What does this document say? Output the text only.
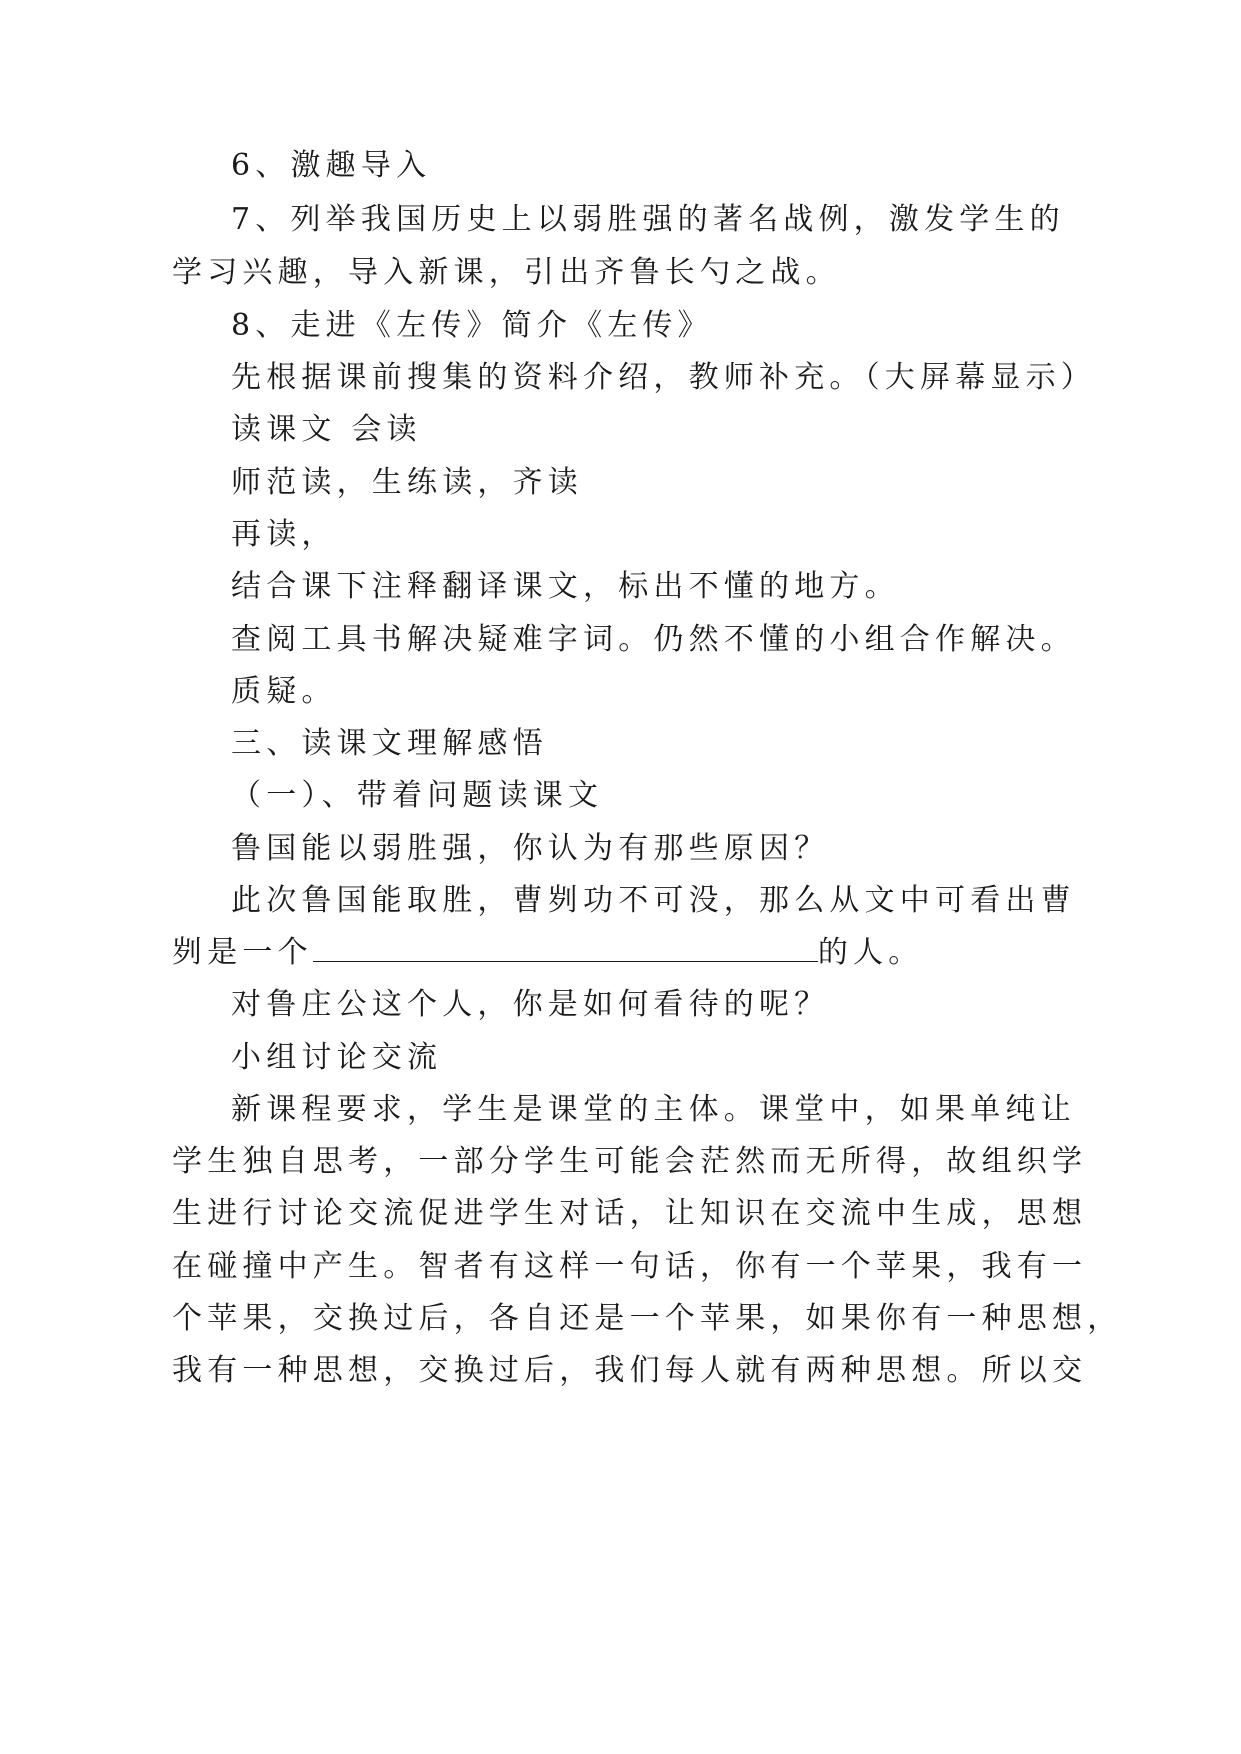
6、激趣导入
7、列举我国历史上以弱胜强的著名战例，激发学生的
学习兴趣，导入新课，引出齐鲁长勺之战。
8、走进《左传》简介《左传》
先根据课前搜集的资料介绍，教师补充。（大屏幕显示）
读课文 会读
师范读，生练读，齐读
再读，
结合课下注释翻译课文，标出不懂的地方。
查阅工具书解决疑难字词。仍然不懂的小组合作解决。
质疑。
三、读课文理解感悟
（一）、带着问题读课文
鲁国能以弱胜强，你认为有那些原因？
此次鲁国能取胜，曹刿功不可没，那么从文中可看出曹
刿是一个	的人。
对鲁庄公这个人，你是如何看待的呢？
小组讨论交流
新课程要求，学生是课堂的主体。课堂中，如果单纯让
学生独自思考，一部分学生可能会茫然而无所得，故组织学
生进行讨论交流促进学生对话，让知识在交流中生成，思想
在碰撞中产生。智者有这样一句话，你有一个苹果，我有一
个苹果，交换过后，各自还是一个苹果，如果你有一种思想，
我有一种思想，交换过后，我们每人就有两种思想。所以交
